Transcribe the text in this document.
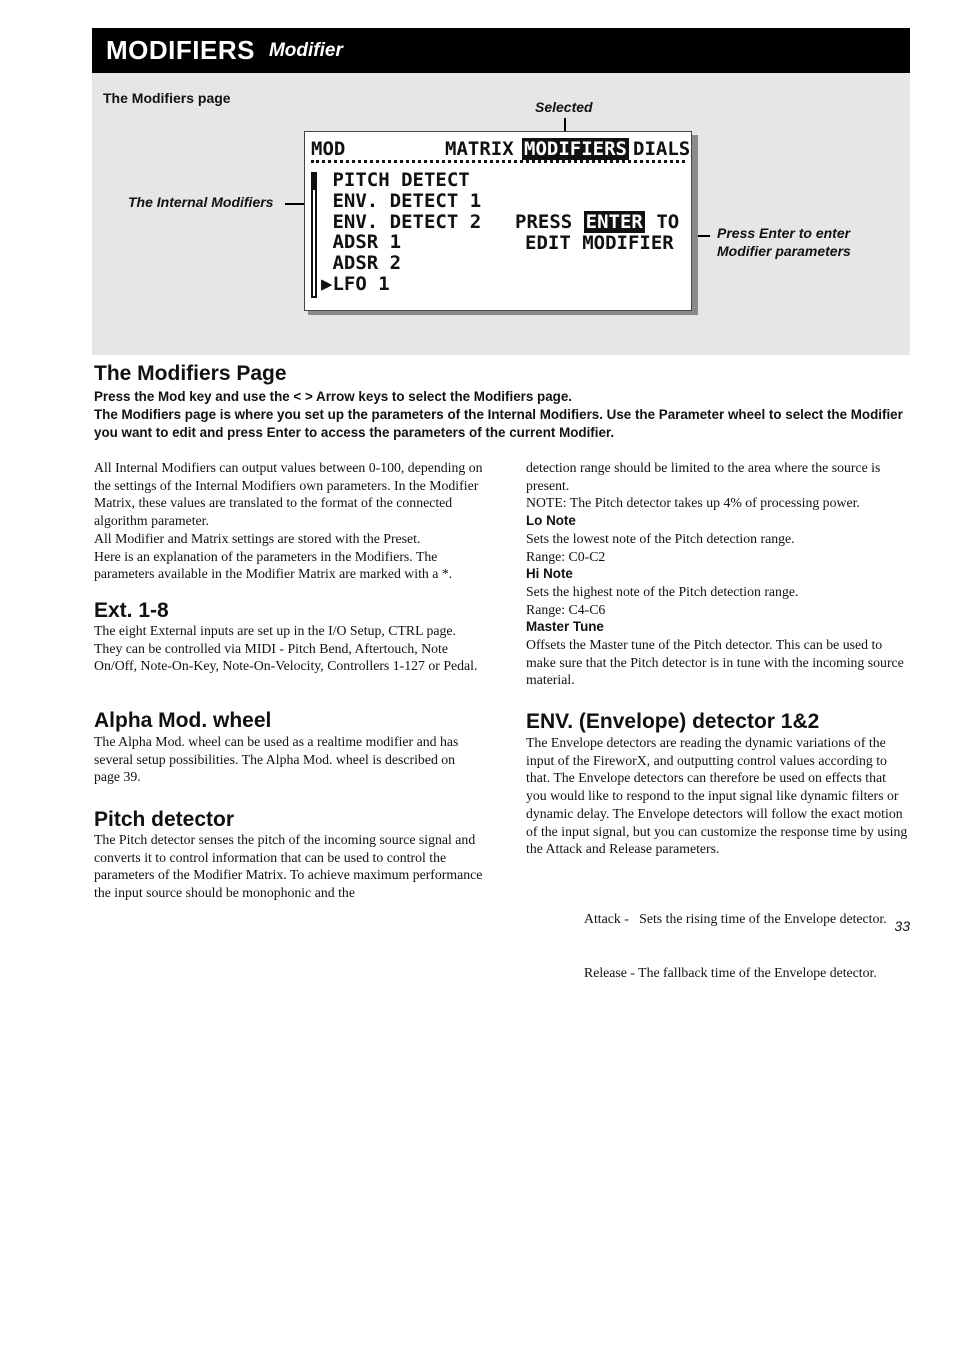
MODIFIERS Modifier
The Modifiers page
Selected
The Internal Modifiers
Press Enter to enter
Modifier parameters
MOD	MATRIX MODIFIERS DIALS
PITCH DETECT
ENV. DETECT 1
ENV. DETECT 2
ADSR 1
ADSR 2
▶LFO 1
PRESS ENTER TO
EDIT MODIFIER
The Modifiers Page
Press the Mod key and use the < > Arrow keys to select the Modifiers page.
The Modifiers page is where you set up the parameters of the Internal Modifiers. Use the Parameter wheel to select the Modifier you want to edit and press Enter to access the parameters of the current Modifier.

All Internal Modifiers can output values between 0-100, depending on the settings of the Internal Modifiers own parameters. In the Modifier Matrix, these values are translated to the format of the connected algorithm parameter.

All Modifier and Matrix settings are stored with the Preset.

Here is an explanation of the parameters in the Modifiers. The parameters available in the Modifier Matrix are marked with a *.

Ext. 1-8
The eight External inputs are set up in the I/O Setup, CTRL page. They can be controlled via MIDI - Pitch Bend, Aftertouch, Note On/Off, Note-On-Key, Note-On-Velocity, Controllers 1-127 or Pedal.
Alpha Mod. wheel
The Alpha Mod. wheel can be used as a realtime modifier and has several setup possibilities. The Alpha Mod. wheel is described on page 39.
Pitch detector
The Pitch detector senses the pitch of the incoming source signal and converts it to control information that can be used to control the parameters of the Modifier Matrix. To achieve maximum performance the input source should be monophonic and the

detection range should be limited to the area where the source is present.

NOTE: The Pitch detector takes up 4% of processing power.

Lo Note

Sets the lowest note of the Pitch detection range.

Range: C0-C2

Hi Note

Sets the highest note of the Pitch detection range.

Range: C4-C6

Master Tune

Offsets the Master tune of the Pitch detector. This can be used to make sure that the Pitch detector is in tune with the incoming source material.

ENV. (Envelope) detector 1&2
The Envelope detectors are reading the dynamic variations of the input of the FireworX, and outputting control values according to that. The Envelope detectors can therefore be used on effects that you would like to respond to the input signal like dynamic filters or dynamic delay. The Envelope detectors will follow the exact motion of the input signal, but you can customize the response time by using the Attack and Release parameters.

Attack -   Sets the rising time of the Envelope detector.

Release - The fallback time of the Envelope detector.

33
